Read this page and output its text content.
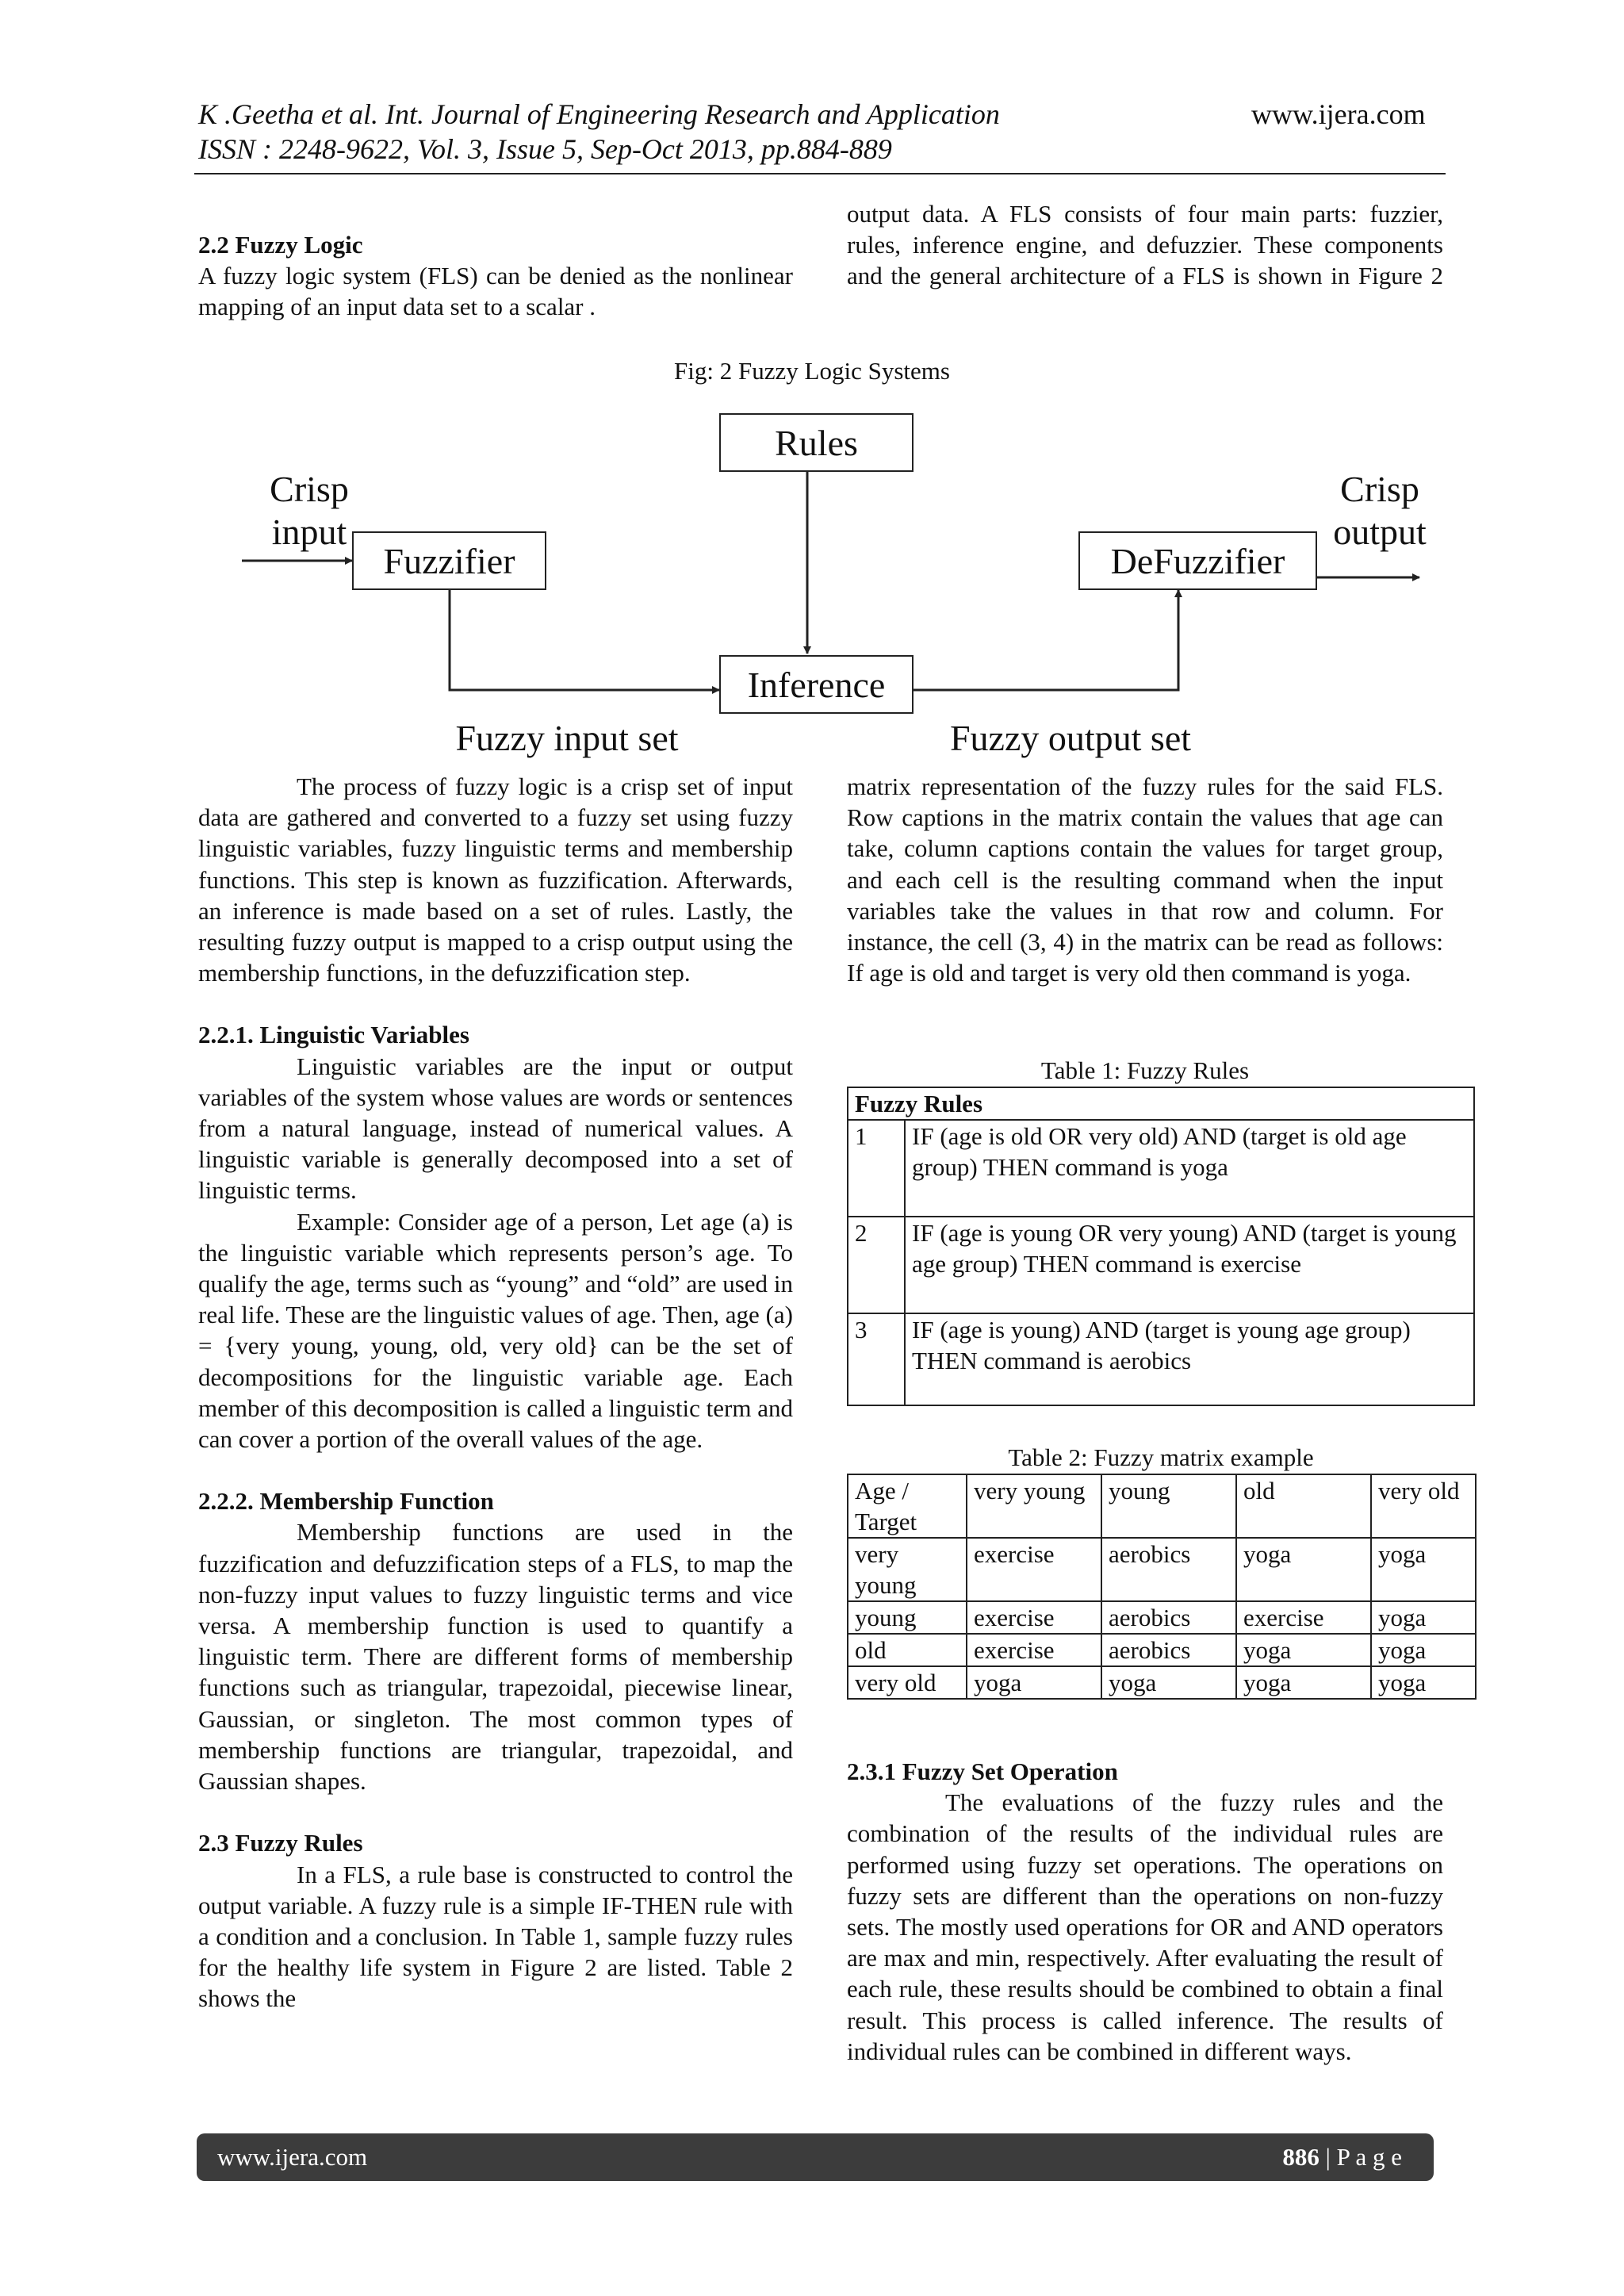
K .Geetha et al. Int. Journal of Engineering Research and Application	www.ijera.com
ISSN : 2248-9622, Vol. 3, Issue 5, Sep-Oct 2013, pp.884-889
2.2 Fuzzy Logic

A fuzzy logic system (FLS) can be denied as the nonlinear mapping of an input data set to a scalar .

output data. A FLS consists of four main parts: fuzzier, rules, inference engine, and defuzzier. These components and the general architecture of a FLS is shown in Figure 2

Fig: 2 Fuzzy Logic Systems
Rules
Crisp
input
Fuzzifier	DeFuzzifier
Crisp
output
Inference
Fuzzy input set	Fuzzy output set

The process of fuzzy logic is a crisp set of input data are gathered and converted to a fuzzy set using fuzzy linguistic variables, fuzzy linguistic terms and membership functions. This step is known as fuzzification. Afterwards, an inference is made based on a set of rules. Lastly, the resulting fuzzy output is mapped to a crisp output using the membership functions, in the defuzzification step.

2.2.1. Linguistic Variables

Linguistic variables are the input or output variables of the system whose values are words or sentences from a natural language, instead of numerical values. A linguistic variable is generally decomposed into a set of linguistic terms.

Example: Consider age of a person, Let age (a) is the linguistic variable which represents person’s age. To qualify the age, terms such as “young” and “old” are used in real life. These are the linguistic values of age. Then, age (a) = {very young, young, old, very old} can be the set of decompositions for the linguistic variable age. Each member of this decomposition is called a linguistic term and can cover a portion of the overall values of the age.

2.2.2. Membership Function

Membership functions are used in the fuzzification and defuzzification steps of a FLS, to map the non-fuzzy input values to fuzzy linguistic terms and vice versa. A membership function is used to quantify a linguistic term. There are different forms of membership functions such as triangular, trapezoidal, piecewise linear, Gaussian, or singleton. The most common types of membership functions are triangular, trapezoidal, and Gaussian shapes.

2.3 Fuzzy Rules

In a FLS, a rule base is constructed to control the output variable. A fuzzy rule is a simple IF-THEN rule with a condition and a conclusion. In Table 1, sample fuzzy rules for the healthy life system in Figure 2 are listed. Table 2 shows the

matrix representation of the fuzzy rules for the said FLS. Row captions in the matrix contain the values that age can take, column captions contain the values for target group, and each cell is the resulting command when the input variables take the values in that row and column. For instance, the cell (3, 4) in the matrix can be read as follows: If age is old and target is very old then command is yoga.

Table 1: Fuzzy Rules
Fuzzy Rules	
1	IF (age is old OR very old) AND (target is old age group) THEN command is yoga
2	IF (age is young OR very young) AND (target is young age group) THEN command is exercise
3	IF (age is young) AND (target is young age group) THEN command is aerobics
Table 2: Fuzzy matrix example
Age / Target	very young	young	old	very old
very young	exercise	aerobics	yoga	yoga
young	exercise	aerobics	exercise	yoga
old	exercise	aerobics	yoga	yoga
very old	yoga	yoga	yoga	yoga
2.3.1 Fuzzy Set Operation

The evaluations of the fuzzy rules and the combination of the results of the individual rules are performed using fuzzy set operations. The operations on fuzzy sets are different than the operations on non-fuzzy sets. The mostly used operations for OR and AND operators are max and min, respectively. After evaluating the result of each rule, these results should be combined to obtain a final result. This process is called inference. The results of individual rules can be combined in different ways.

www.ijera.com	886 | P a g e
